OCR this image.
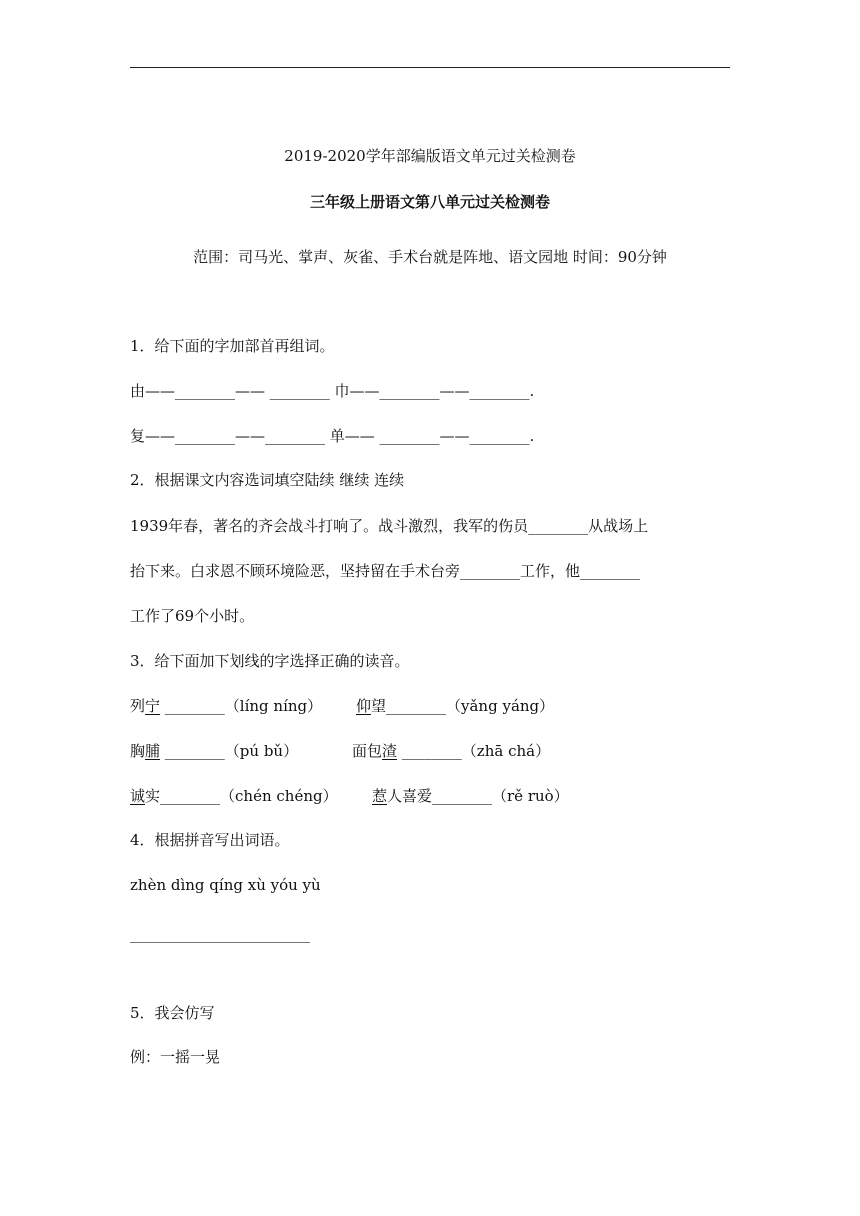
2019-2020学年部编版语文单元过关检测卷
三年级上册语文第八单元过关检测卷
范围：司马光、掌声、灰雀、手术台就是阵地、语文园地 时间：90分钟
1．给下面的字加部首再组词。
由——________—— ________ 巾——________——________.
复——________——________ 单—— ________——________.
2．根据课文内容选词填空陆续 继续 连续
1939年春，著名的齐会战斗打响了。战斗激烈，我军的伤员________从战场上
抬下来。白求恩不顾环境险恶，坚持留在手术台旁________工作，他________
工作了69个小时。
3．给下面加下划线的字选择正确的读音。
列宁 ________（líng níng） 仰望________（yǎng yáng）
胸脯 ________（pú bǔ）	面包渣 ________（zhā chá）
诚实________（chén chéng） 惹人喜爱________（rě ruò）
4．根据拼音写出词语。
zhèn dìng qíng xù yóu yù
________________________
5．我会仿写
例：一摇一晃
